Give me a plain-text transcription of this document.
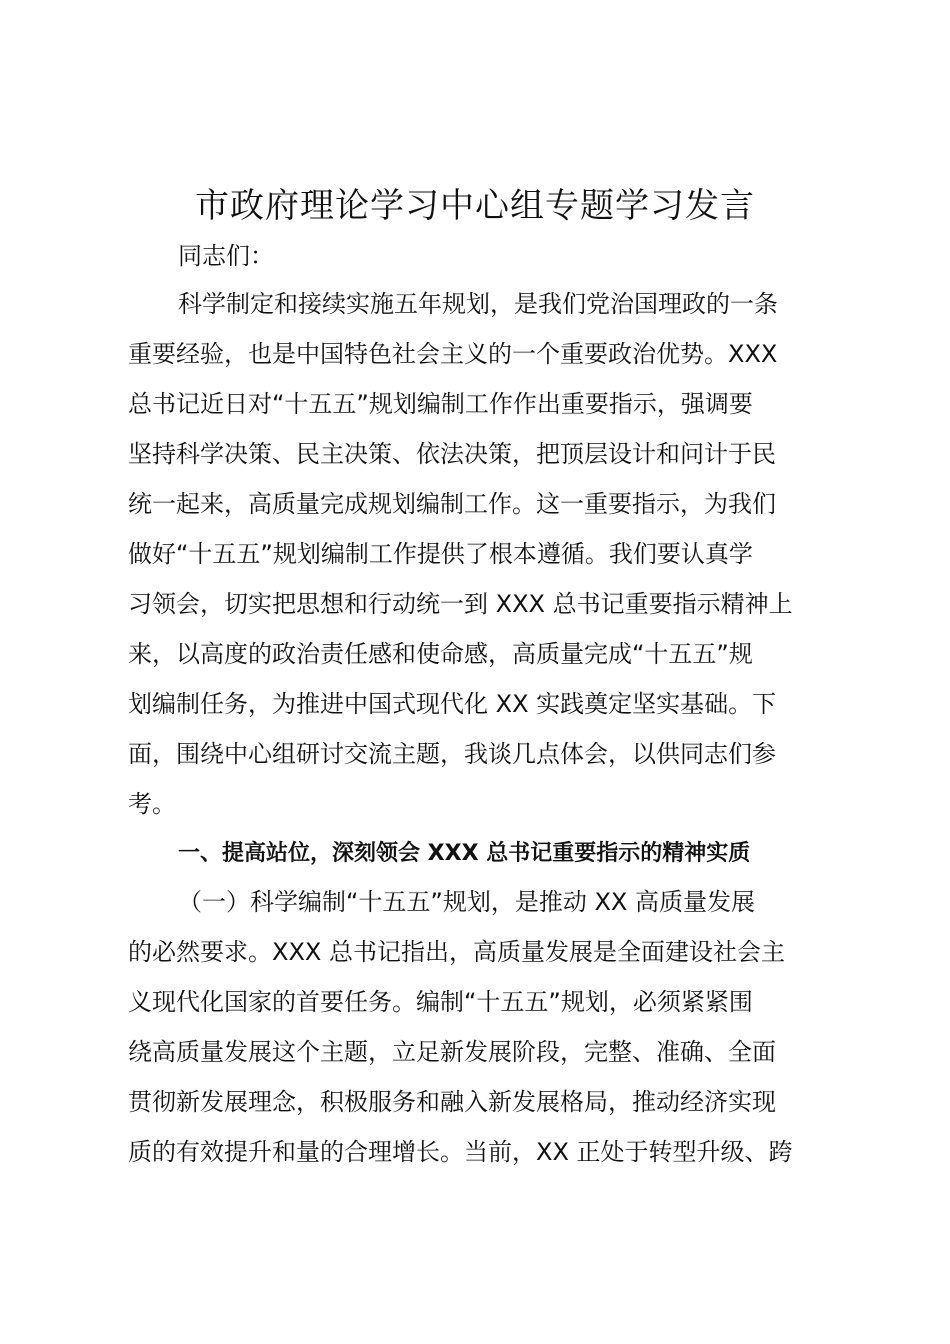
市政府理论学习中心组专题学习发言
同志们：
科学制定和接续实施五年规划，是我们党治国理政的一条
重要经验，也是中国特色社会主义的一个重要政治优势。XXX
总书记近日对“十五五”规划编制工作作出重要指示，强调要
坚持科学决策、民主决策、依法决策，把顶层设计和问计于民
统一起来，高质量完成规划编制工作。这一重要指示，为我们
做好“十五五”规划编制工作提供了根本遵循。我们要认真学
习领会，切实把思想和行动统一到 XXX 总书记重要指示精神上
来，以高度的政治责任感和使命感，高质量完成“十五五”规
划编制任务，为推进中国式现代化 XX 实践奠定坚实基础。下
面，围绕中心组研讨交流主题，我谈几点体会，以供同志们参
考。
一、提高站位，深刻领会 XXX 总书记重要指示的精神实质
（一）科学编制“十五五”规划，是推动 XX 高质量发展
的必然要求。XXX 总书记指出，高质量发展是全面建设社会主
义现代化国家的首要任务。编制“十五五”规划，必须紧紧围
绕高质量发展这个主题，立足新发展阶段，完整、准确、全面
贯彻新发展理念，积极服务和融入新发展格局，推动经济实现
质的有效提升和量的合理增长。当前，XX 正处于转型升级、跨
